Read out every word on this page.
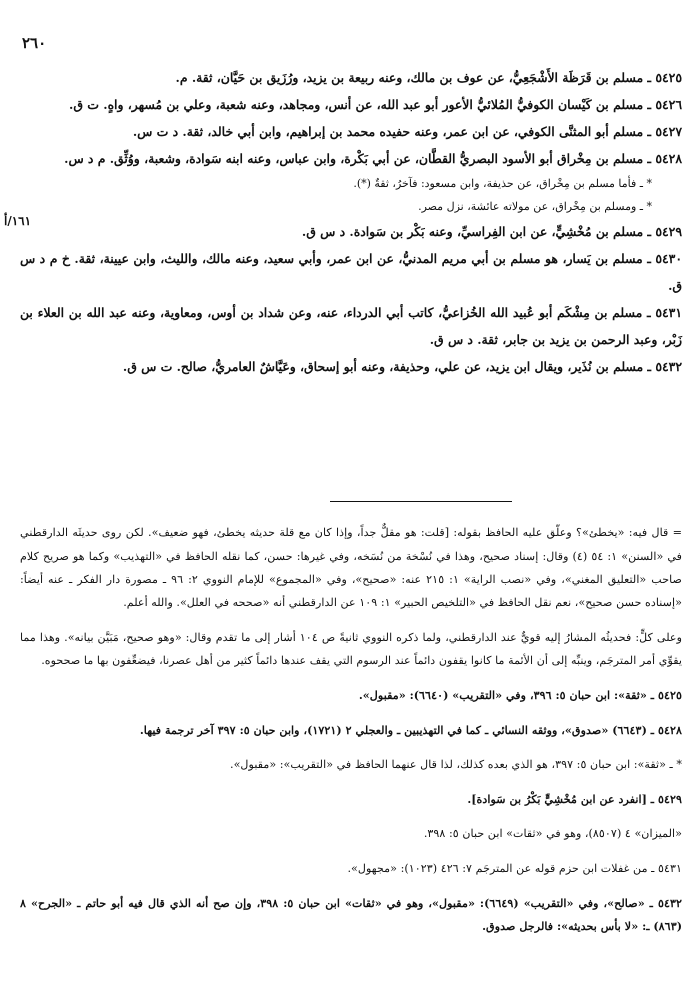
٢٦٠
١٦١/أ
٥٤٢٥ ـ مسلم بن قَرَظَة الأَشْجَعِيُّ، عن عوف بن مالك، وعنه ربيعة بن يزيد، ورُزَيق بن حَيَّان، ثقة. م.
٥٤٢٦ ـ مسلم بن كَيْسان الكوفيُّ المُلائيُّ الأعور أبو عبد الله، عن أنس، ومجاهد، وعنه شعبة، وعلي بن مُسهر، واهٍ. ت ق.
٥٤٢٧ ـ مسلم أبو المثنَّى الكوفي، عن ابن عمر، وعنه حفيده محمد بن إبراهيم، وابن أبي خالد، ثقة. د ت س.
٥٤٢٨ ـ مسلم بن مِخْراق أبو الأسود البصريُّ القطَّان، عن أبي بَكْرة، وابن عباس، وعنه ابنه سَوادة، وشعبة، ووُثِّق. م د س.

* ـ فأما مسلم بن مِخْراق، عن حذيفة، وابن مسعود: فآخرُ، ثقةٌ (*).

* ـ ومسلم بن مِخْراق، عن مولاته عائشة، نزل مصر.

٥٤٢٩ ـ مسلم بن مُخْشِيٍّ، عن ابن الفِراسيِّ، وعنه بَكْر بن سَوادة. د س ق.
٥٤٣٠ ـ مسلم بن يَسار، هو مسلم بن أبي مريم المدنيُّ، عن ابن عمر، وأبي سعيد، وعنه مالك، والليث، وابن عيينة، ثقة. خ م د س ق.
٥٤٣١ ـ مسلم بن مِشْكَم أبو عُبيد الله الخُزاعيُّ، كاتب أبي الدرداء، عنه، وعن شداد بن أوس، ومعاوية، وعنه عبد الله بن العلاء بن زَبْر، وعبد الرحمن بن يزيد بن جابر، ثقة. د س ق.
٥٤٣٢ ـ مسلم بن نُذَير، ويقال ابن يزيد، عن علي، وحذيفة، وعنه أبو إسحاق، وعَيَّاشٌ العامريُّ، صالح. ت س ق.

= قال فيه: «يخطئ»؟ وعلّق عليه الحافظ بقوله: [قلت: هو مقلٌّ جداً، وإذا كان مع قلة حديثه يخطئ، فهو ضعيف». لكن روى حديثَه الدارقطني في «السنن» ١: ٥٤ (٤) وقال: إسناد صحيح، وهذا في نُسْخة من نُسَخه، وفي غيرها: حسن، كما نقله الحافظ في «التهذيب» وكما هو صريح كلام صاحب «التعليق المغني»، وفي «نصب الراية» ١: ٢١٥ عنه: «صحيح»، وفي «المجموع» للإمام النووي ٢: ٩٦ ـ مصورة دار الفكر ـ عنه أيضاً: «إسناده حسن صحيح»، نعم نقل الحافظ في «التلخيص الحبير» ١: ١٠٩ عن الدارقطني أنه «صححه في العلل». والله أعلم.

وعلى كلٍّ: فحديثُه المشارُ إليه قويٌّ عند الدارقطني، ولما ذكره النووي ثانيةً ص ١٠٤ أشار إلى ما تقدم وقال: «وهو صحيح، مَبَيَّن بيانه». وهذا مما يقوِّي أمر المترجَم، وينبِّه إلى أن الأئمة ما كانوا يقفون دائماً عند الرسوم التي يقف عندها دائماً كثير من أهل عصرنا، فيضعِّفون بها ما صححوه.

٥٤٢٥ ـ «ثقة»: ابن حبان ٥: ٣٩٦، وفي «التقريب» (٦٦٤٠): «مقبول».

٥٤٢٨ ـ (٦٦٤٣) «صدوق»، ووثقه النسائي ـ كما في التهذيبين ـ والعجلي ٢ (١٧٢١)، وابن حبان ٥: ٣٩٧ آخر ترجمة فيها.

* ـ «ثقة»: ابن حبان ٥: ٣٩٧، هو الذي بعده كذلك، لذا قال عنهما الحافظ في «التقريب»: «مقبول».

٥٤٢٩ ـ [انفرد عن ابن مُخْشِيٍّ بَكْرُ بن سَوادة].

«الميزان» ٤ (٨٥٠٧)، وهو في «ثقات» ابن حبان ٥: ٣٩٨.

٥٤٣١ ـ من غفلات ابن حزم قوله عن المترجَم ٧: ٤٢٦ (١٠٢٣): «مجهول».

٥٤٣٢ ـ «صالح»، وفي «التقريب» (٦٦٤٩): «مقبول»، وهو في «ثقات» ابن حبان ٥: ٣٩٨، وإن صح أنه الذي قال فيه أبو حاتم ـ «الجرح» ٨ (٨٦٣) ـ: «لا بأس بحديثه»: فالرجل صدوق.
